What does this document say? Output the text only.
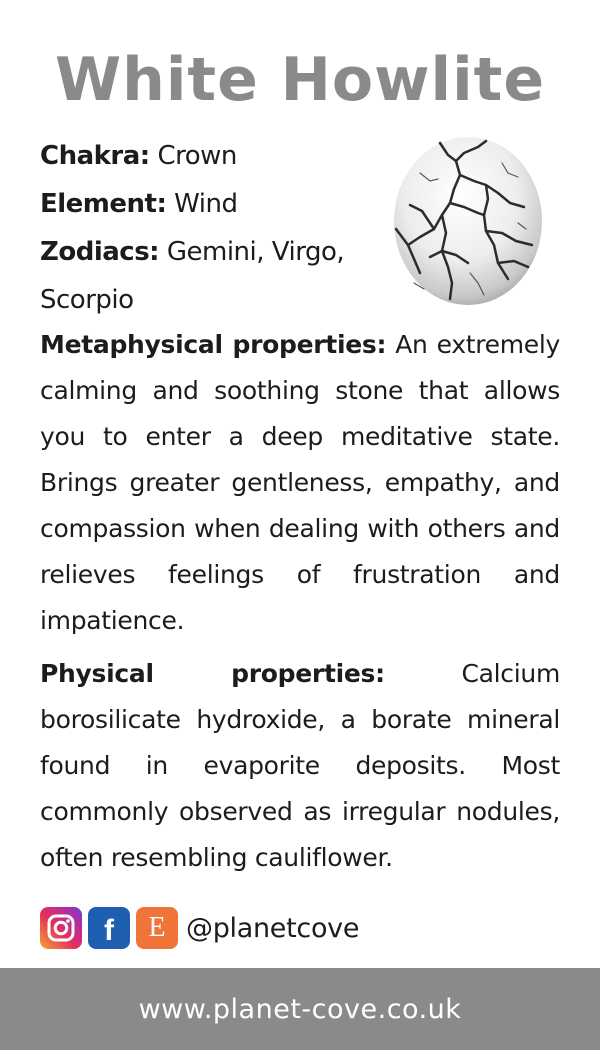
White Howlite
Chakra: Crown
Element: Wind
Zodiacs: Gemini, Virgo, Scorpio

Metaphysical properties: An extremely calming and soothing stone that allows you to enter a deep meditative state. Brings greater gentleness, empathy, and compassion when dealing with others and relieves feelings of frustration and impatience.

Physical properties:	Calcium borosilicate hydroxide, a borate mineral found in evaporite deposits. Most commonly observed as irregular nodules, often resembling cauliflower.

f E @planetcove
www.planet-cove.co.uk
